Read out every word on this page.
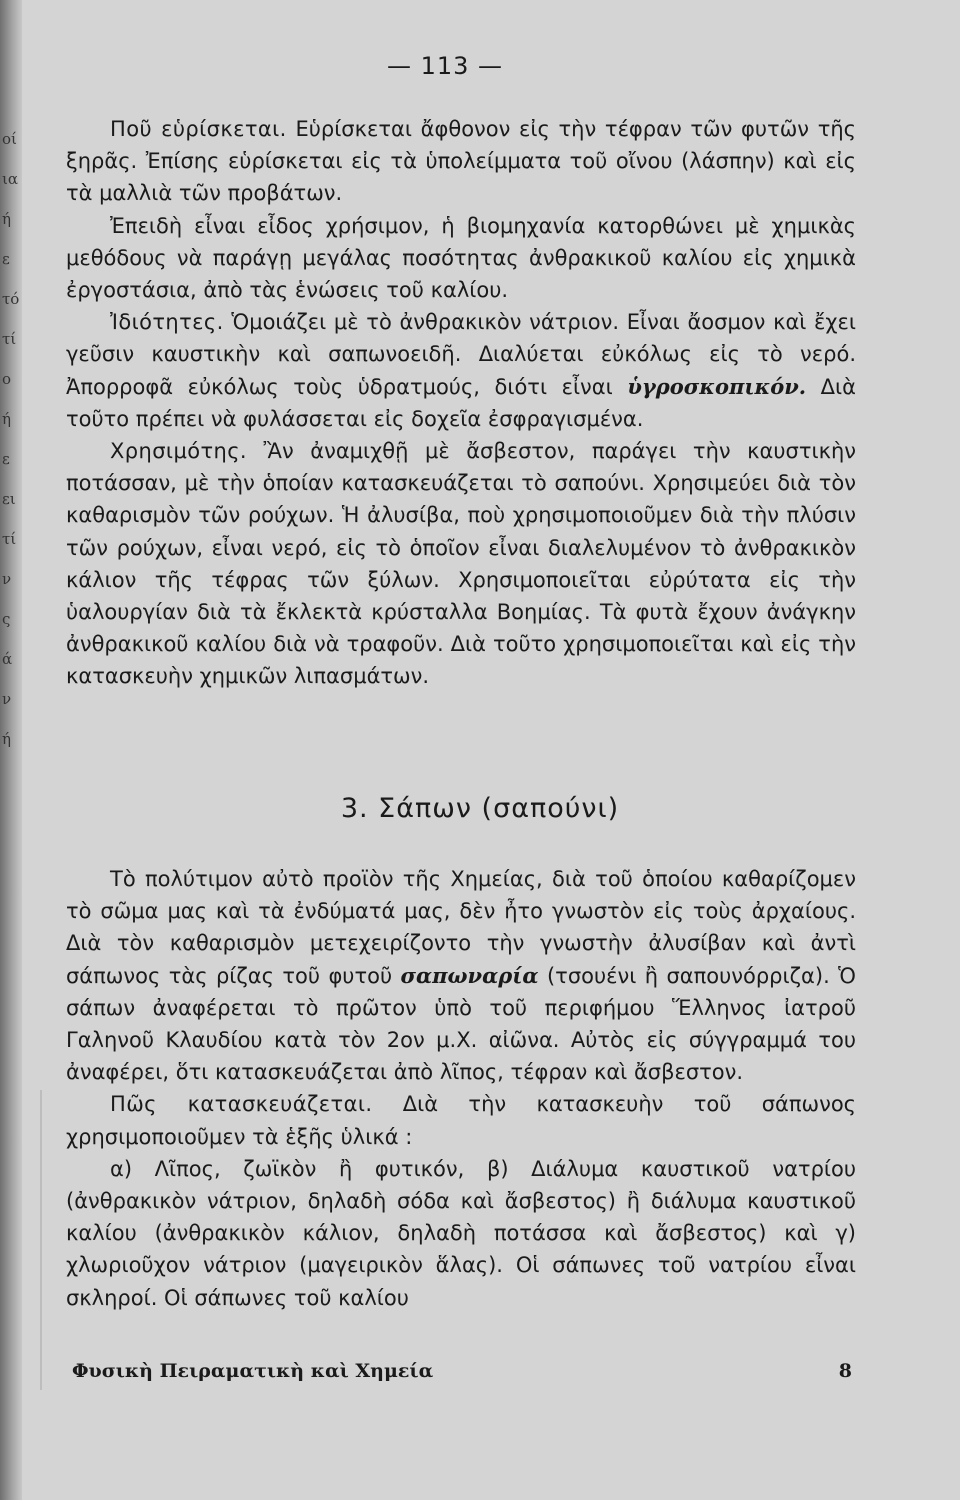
οί
ια
ή
ε
τό
τί
ο
ή
ε
ει
τί
ν
ς
ά
ν
ή
— 113 —

Ποῦ εὑρίσκεται. Εὑρίσκεται ἄφθονον εἰς τὴν τέφραν τῶν φυτῶν τῆς ξηρᾶς. Ἐπίσης εὑρίσκεται εἰς τὰ ὑπολείμματα τοῦ οἴνου (λάσπην) καὶ εἰς τὰ μαλλιὰ τῶν προβάτων.

Ἐπειδὴ εἶναι εἶδος χρήσιμον, ἡ βιομηχανία κατορθώνει μὲ χημικὰς μεθόδους νὰ παράγῃ μεγάλας ποσότητας ἀνθρακικοῦ καλίου εἰς χημικὰ ἐργοστάσια, ἀπὸ τὰς ἑνώσεις τοῦ καλίου.

Ἰδιότητες. Ὁμοιάζει μὲ τὸ ἀνθρακικὸν νάτριον. Εἶναι ἄοσμον καὶ ἔχει γεῦσιν καυστικὴν καὶ σαπωνοειδῆ. Διαλύεται εὐκόλως εἰς τὸ νερό. Ἀπορροφᾶ εὐκόλως τοὺς ὑδρατμούς, διότι εἶναι ὑγροσκοπικόν. Διὰ τοῦτο πρέπει νὰ φυλάσσεται εἰς δοχεῖα ἐσφραγισμένα.

Χρησιμότης. Ἂν ἀναμιχθῇ μὲ ἄσβεστον, παράγει τὴν καυστικὴν ποτάσσαν, μὲ τὴν ὁποίαν κατασκευάζεται τὸ σαπούνι. Χρησιμεύει διὰ τὸν καθαρισμὸν τῶν ρούχων. Ἡ ἀλυσίβα, ποὺ χρησιμοποιοῦμεν διὰ τὴν πλύσιν τῶν ρούχων, εἶναι νερό, εἰς τὸ ὁποῖον εἶναι διαλελυμένον τὸ ἀνθρακικὸν κάλιον τῆς τέφρας τῶν ξύλων. Χρησιμοποιεῖται εὐρύτατα εἰς τὴν ὑαλουργίαν διὰ τὰ ἔκλεκτὰ κρύσταλλα Βοημίας. Τὰ φυτὰ ἔχουν ἀνάγκην ἀνθρακικοῦ καλίου διὰ νὰ τραφοῦν. Διὰ τοῦτο χρησιμοποιεῖται καὶ εἰς τὴν κατασκευὴν χημικῶν λιπασμάτων.

3. Σάπων (σαπούνι)

Τὸ πολύτιμον αὐτὸ προϊὸν τῆς Χημείας, διὰ τοῦ ὁποίου καθαρίζομεν τὸ σῶμα μας καὶ τὰ ἐνδύματά μας, δὲν ἦτο γνωστὸν εἰς τοὺς ἀρχαίους. Διὰ τὸν καθαρισμὸν μετεχειρίζοντο τὴν γνωστὴν ἀλυσίβαν καὶ ἀντὶ σάπωνος τὰς ρίζας τοῦ φυτοῦ σαπωναρία (τσουένι ἢ σαπουνόρριζα). Ὁ σάπων ἀναφέρεται τὸ πρῶτον ὑπὸ τοῦ περιφήμου Ἕλληνος ἰατροῦ Γαληνοῦ Κλαυδίου κατὰ τὸν 2ον μ.Χ. αἰῶνα. Αὐτὸς εἰς σύγγραμμά του ἀναφέρει, ὅτι κατασκευάζεται ἀπὸ λῖπος, τέφραν καὶ ἄσβεστον.

Πῶς κατασκευάζεται. Διὰ τὴν κατασκευὴν τοῦ σάπωνος χρησιμοποιοῦμεν τὰ ἑξῆς ὑλικά :

α) Λῖπος, ζωϊκὸν ἢ φυτικόν, β) Διάλυμα καυστικοῦ νατρίου (ἀνθρακικὸν νάτριον, δηλαδὴ σόδα καὶ ἄσβεστος) ἢ διάλυμα καυστικοῦ καλίου (ἀνθρακικὸν κάλιον, δηλαδὴ ποτάσσα καὶ ἄσβεστος) καὶ γ) χλωριοῦχον νάτριον (μαγειρικὸν ἅλας). Οἱ σάπωνες τοῦ νατρίου εἶναι σκληροί. Οἱ σάπωνες τοῦ καλίου

Φυσικὴ Πειραματικὴ καὶ Χημεία	8
